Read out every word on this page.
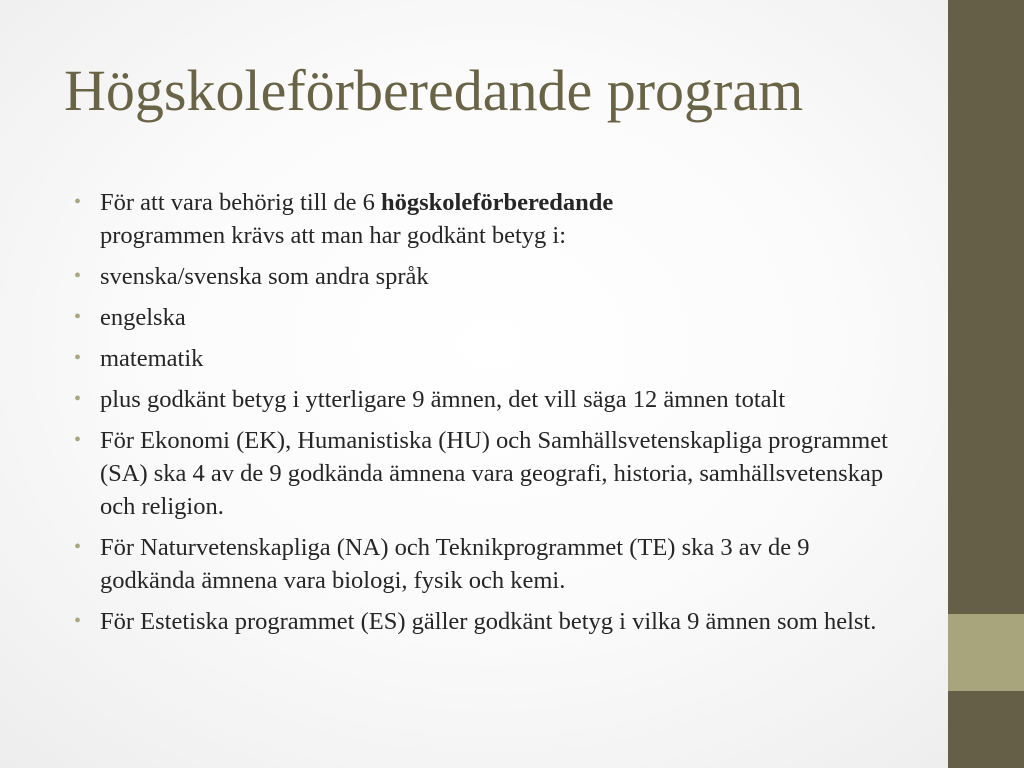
Högskoleförberedande program
• För att vara behörig till de 6 högskoleförberedande
programmen krävs att man har godkänt betyg i:
• svenska/svenska som andra språk
• engelska
• matematik
• plus godkänt betyg i ytterligare 9 ämnen, det vill säga 12 ämnen totalt
• För Ekonomi (EK), Humanistiska (HU) och Samhällsvetenskapliga programmet (SA) ska 4 av de 9 godkända ämnena vara geografi, historia, samhällsvetenskap och religion.
• För Naturvetenskapliga (NA) och Teknikprogrammet (TE) ska 3 av de 9 godkända ämnena vara biologi, fysik och kemi.
• För Estetiska programmet (ES) gäller godkänt betyg i vilka 9 ämnen som helst.
